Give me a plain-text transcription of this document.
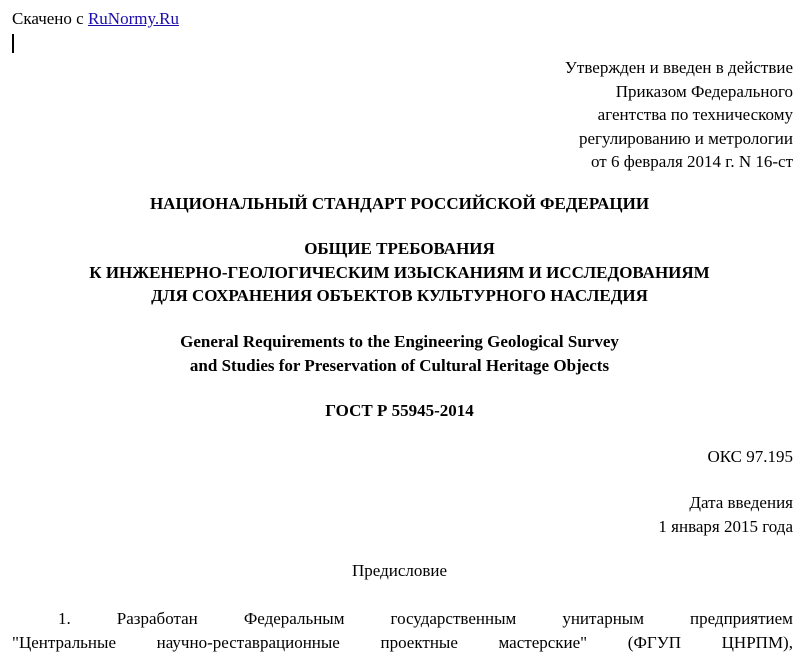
Скачено с RuNormy.Ru
Утвержден и введен в действие
Приказом Федерального
агентства по техническому
регулированию и метрологии
от 6 февраля 2014 г. N 16-ст
НАЦИОНАЛЬНЫЙ СТАНДАРТ РОССИЙСКОЙ ФЕДЕРАЦИИ
ОБЩИЕ ТРЕБОВАНИЯ
К ИНЖЕНЕРНО-ГЕОЛОГИЧЕСКИМ ИЗЫСКАНИЯМ И ИССЛЕДОВАНИЯМ
ДЛЯ СОХРАНЕНИЯ ОБЪЕКТОВ КУЛЬТУРНОГО НАСЛЕДИЯ
General Requirements to the Engineering Geological Survey
and Studies for Preservation of Cultural Heritage Objects
ГОСТ Р 55945-2014
ОКС 97.195
Дата введения
1 января 2015 года
Предисловие
1.	Разработан	Федеральным	государственным	унитарным	предприятием
"Центральные научно-реставрационные проектные мастерские" (ФГУП ЦНРПМ),
